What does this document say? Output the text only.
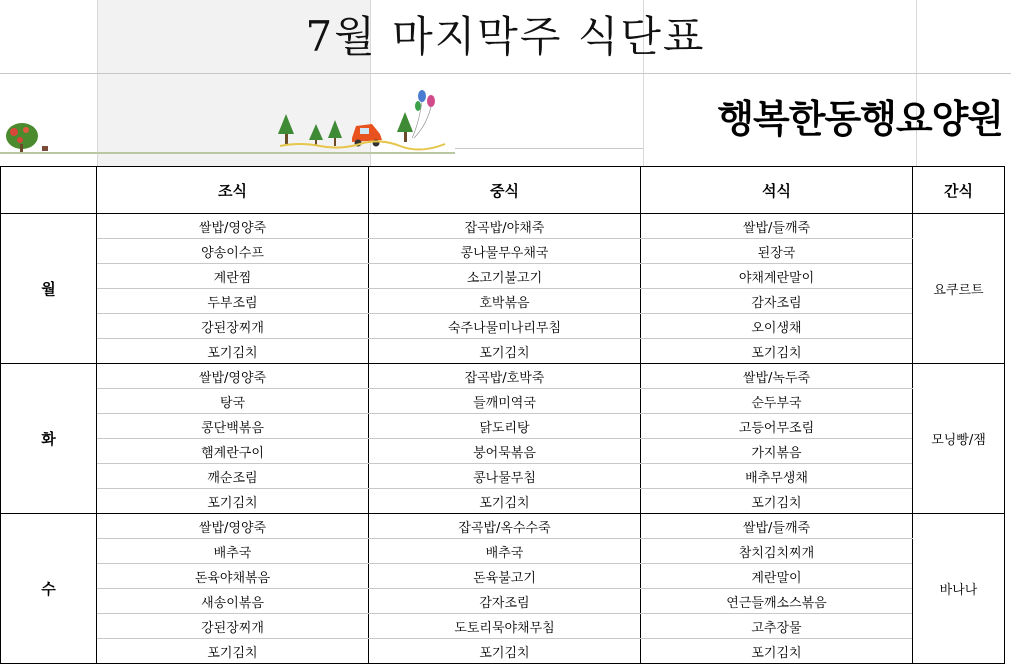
7월 마지막주 식단표
행복한동행요양원
	조식	중식	석식	간식
월	쌀밥/영양죽	잡곡밥/야채죽	쌀밥/들깨죽	요쿠르트
	양송이수프	콩나물무우채국	된장국	
	계란찜	소고기불고기	야채계란말이	
	두부조림	호박볶음	감자조림	
	강된장찌개	숙주나물미나리무침	오이생채	
	포기김치	포기김치	포기김치	
화	쌀밥/영양죽	잡곡밥/호박죽	쌀밥/녹두죽	모닝빵/잼
	탕국	들깨미역국	순두부국	
	콩단백볶음	닭도리탕	고등어무조림	
	햄계란구이	붕어묵볶음	가지볶음	
	깨순조림	콩나물무침	배추무생채	
	포기김치	포기김치	포기김치	
수	쌀밥/영양죽	잡곡밥/옥수수죽	쌀밥/들깨죽	바나나
	배추국	배추국	참치김치찌개	
	돈육야채볶음	돈육불고기	계란말이	
	새송이볶음	감자조림	연근들깨소스볶음	
	강된장찌개	도토리묵야채무침	고추장물	
	포기김치	포기김치	포기김치	
